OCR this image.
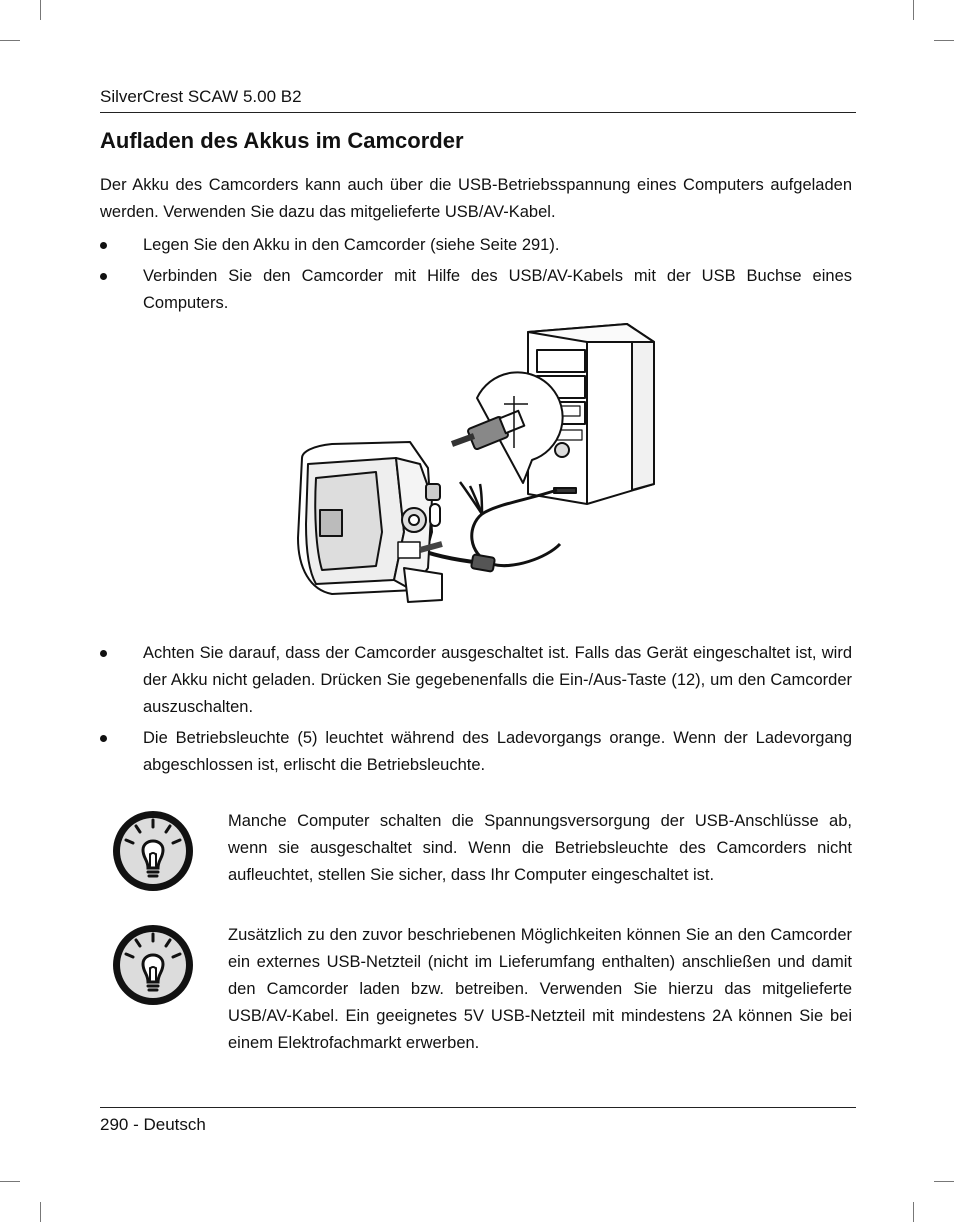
SilverCrest SCAW 5.00 B2
Aufladen des Akkus im Camcorder

Der Akku des Camcorders kann auch über die USB-Betriebsspannung eines Computers aufgeladen werden. Verwenden Sie dazu das mitgelieferte USB/AV-Kabel.

Legen Sie den Akku in den Camcorder (siehe Seite 291).

Verbinden Sie den Camcorder mit Hilfe des USB/AV-Kabels mit der USB Buchse eines Computers.

Achten Sie darauf, dass der Camcorder ausgeschaltet ist. Falls das Gerät eingeschaltet ist, wird der Akku nicht geladen. Drücken Sie gegebenenfalls die Ein-/Aus-Taste (12), um den Camcorder auszuschalten.

Die Betriebsleuchte (5) leuchtet während des Ladevorgangs orange. Wenn der Ladevorgang abgeschlossen ist, erlischt die Betriebsleuchte.

Manche Computer schalten die Spannungsversorgung der USB-Anschlüsse ab, wenn sie ausgeschaltet sind. Wenn die Betriebsleuchte des Camcorders nicht aufleuchtet, stellen Sie sicher, dass Ihr Computer eingeschaltet ist.

Zusätzlich zu den zuvor beschriebenen Möglichkeiten können Sie an den Camcorder ein externes USB-Netzteil (nicht im Lieferumfang enthalten) anschließen und damit den Camcorder laden bzw. betreiben. Verwenden Sie hierzu das mitgelieferte USB/AV-Kabel. Ein geeignetes 5V USB-Netzteil mit mindestens 2A können Sie bei einem Elektrofachmarkt erwerben.

290 - Deutsch
